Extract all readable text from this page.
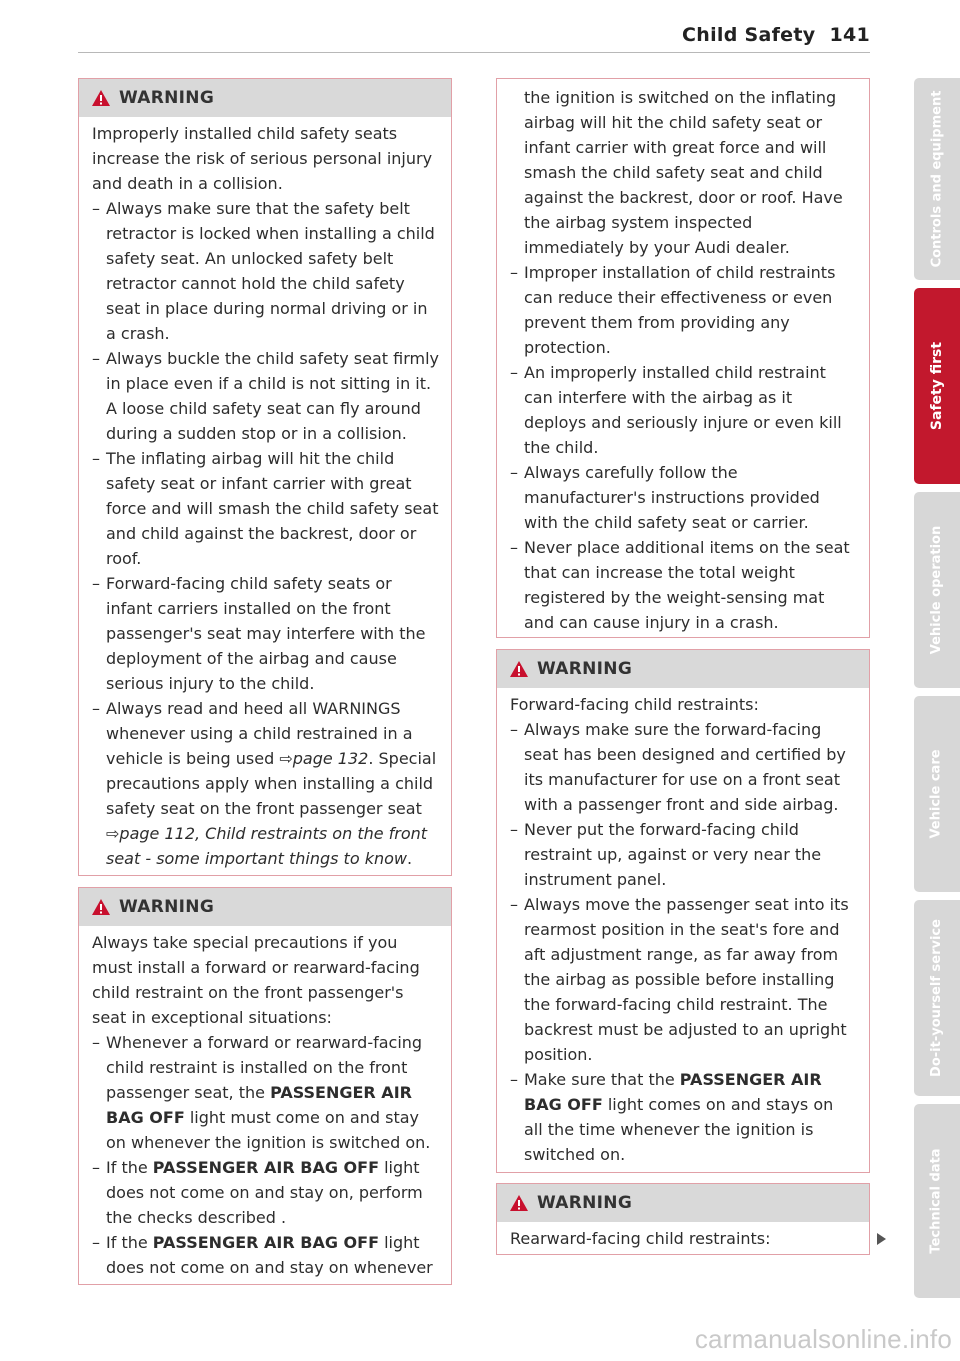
Child Safety 141
WARNING

Improperly installed child safety seats increase the risk of serious personal injury and death in a collision.

– Always make sure that the safety belt retractor is locked when installing a child safety seat. An unlocked safety belt retractor cannot hold the child safety seat in place during normal driving or in a crash.
– Always buckle the child safety seat firmly in place even if a child is not sitting in it. A loose child safety seat can fly around during a sudden stop or in a collision.
– The inflating airbag will hit the child safety seat or infant carrier with great force and will smash the child safety seat and child against the backrest, door or roof.
– Forward-facing child safety seats or infant carriers installed on the front passenger's seat may interfere with the deployment of the airbag and cause serious injury to the child.
– Always read and heed all WARNINGS whenever using a child restrained in a vehicle is being used ⇨page 132. Special precautions apply when installing a child safety seat on the front passenger seat ⇨page 112, Child restraints on the front seat - some important things to know.
WARNING

Always take special precautions if you must install a forward or rearward-facing child restraint on the front passenger's seat in exceptional situations:

– Whenever a forward or rearward-facing child restraint is installed on the front passenger seat, the PASSENGER AIR BAG OFF light must come on and stay on whenever the ignition is switched on.
– If the PASSENGER AIR BAG OFF light does not come on and stay on, perform the checks described .
– If the PASSENGER AIR BAG OFF light does not come on and stay on whenever

the ignition is switched on the inflating airbag will hit the child safety seat or infant carrier with great force and will smash the child safety seat and child against the backrest, door or roof. Have the airbag system inspected immediately by your Audi dealer.

– Improper installation of child restraints can reduce their effectiveness or even prevent them from providing any protection.
– An improperly installed child restraint can interfere with the airbag as it deploys and seriously injure or even kill the child.
– Always carefully follow the manufacturer's instructions provided with the child safety seat or carrier.
– Never place additional items on the seat that can increase the total weight registered by the weight-sensing mat and can cause injury in a crash.
WARNING

Forward-facing child restraints:

– Always make sure the forward-facing seat has been designed and certified by its manufacturer for use on a front seat with a passenger front and side airbag.
– Never put the forward-facing child restraint up, against or very near the instrument panel.
– Always move the passenger seat into its rearmost position in the seat's fore and aft adjustment range, as far away from the airbag as possible before installing the forward-facing child restraint. The backrest must be adjusted to an upright position.
– Make sure that the PASSENGER AIR BAG OFF light comes on and stays on all the time whenever the ignition is switched on.
WARNING

Rearward-facing child restraints:

Controls and equipment
Safety first
Vehicle operation
Vehicle care
Do-it-yourself service
Technical data
carmanualsonline.info
